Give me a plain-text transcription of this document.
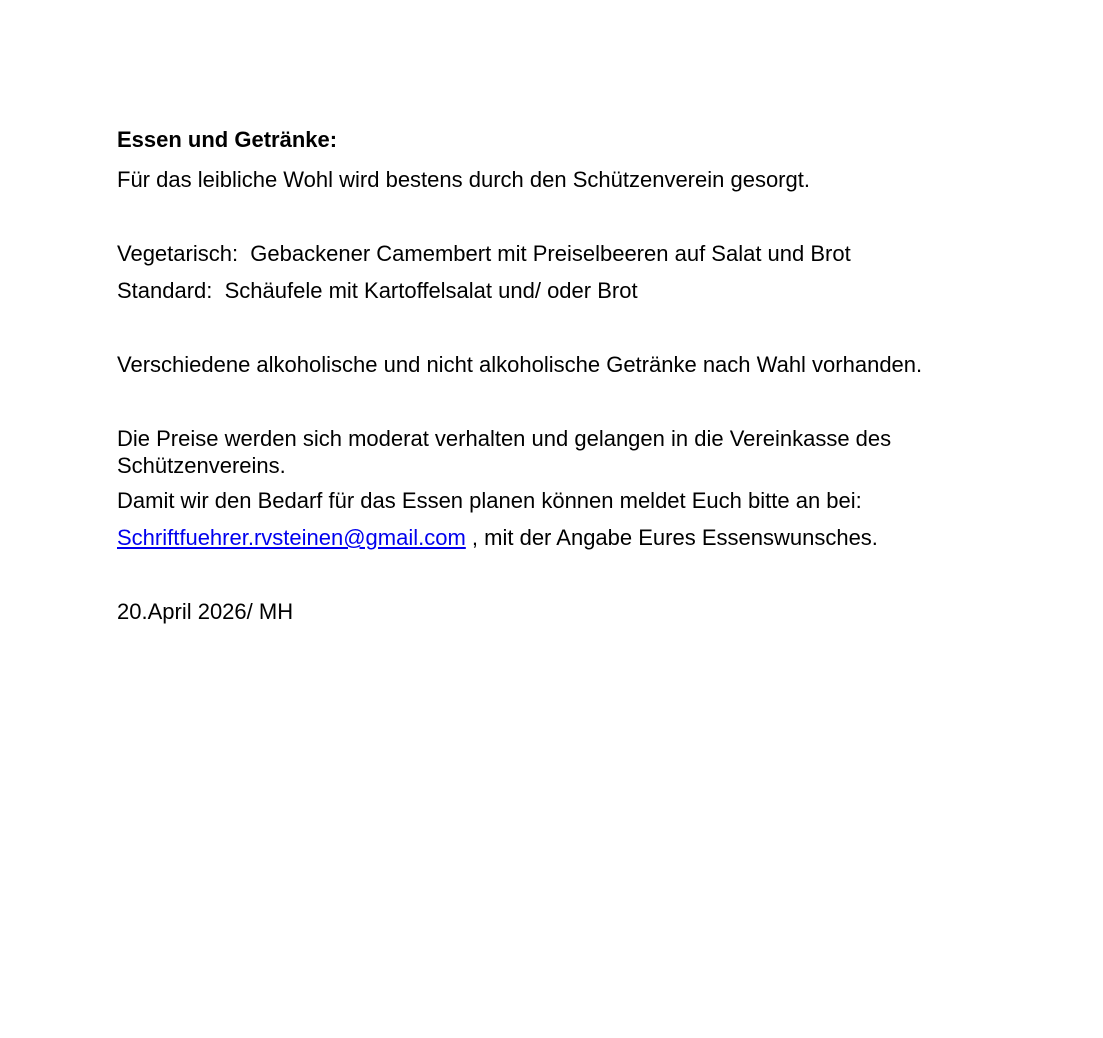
Essen und Getränke:

Für das leibliche Wohl wird bestens durch den Schützenverein gesorgt.

Vegetarisch:  Gebackener Camembert mit Preiselbeeren auf Salat und Brot

Standard:  Schäufele mit Kartoffelsalat und/ oder Brot

Verschiedene alkoholische und nicht alkoholische Getränke nach Wahl vorhanden.

Die Preise werden sich moderat verhalten und gelangen in die Vereinkasse des Schützenvereins.

Damit wir den Bedarf für das Essen planen können meldet Euch bitte an bei:

Schriftfuehrer.rvsteinen@gmail.com , mit der Angabe Eures Essenswunsches.

20.April 2026/ MH
